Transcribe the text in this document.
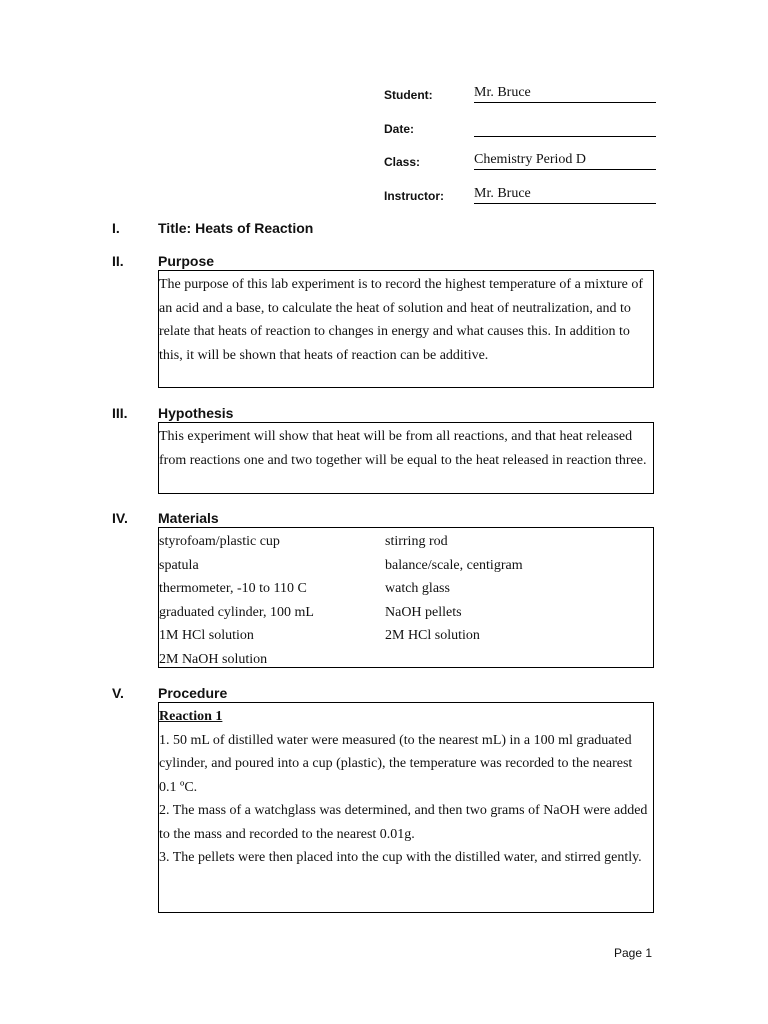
Student:	Mr. Bruce
Date:
Class:	Chemistry Period D
Instructor: Mr. Bruce
I.	Title: Heats of Reaction
II. Purpose

The purpose of this lab experiment is to record the highest temperature of a mixture of an acid and a base, to calculate the heat of solution and heat of neutralization, and to relate that heats of reaction to changes in energy and what causes this. In addition to this, it will be shown that heats of reaction can be additive.

III. Hypothesis

This experiment will show that heat will be from all reactions, and that heat released from reactions one and two together will be equal to the heat released in reaction three.

IV. Materials
styrofoam/plastic cup	stirring rod
spatula	balance/scale, centigram
thermometer, -10 to 110 C	watch glass
graduated cylinder, 100 mL	NaOH pellets
1M HCl solution	2M HCl solution
2M NaOH solution
V. Procedure

Reaction 1

1. 50 mL of distilled water were measured (to the nearest mL) in a 100 ml graduated cylinder, and poured into a cup (plastic), the temperature was recorded to the nearest 0.1 ºC.

2. The mass of a watchglass was determined, and then two grams of NaOH were added to the mass and recorded to the nearest 0.01g.

3. The pellets were then placed into the cup with the distilled water, and stirred gently.

Page 1
